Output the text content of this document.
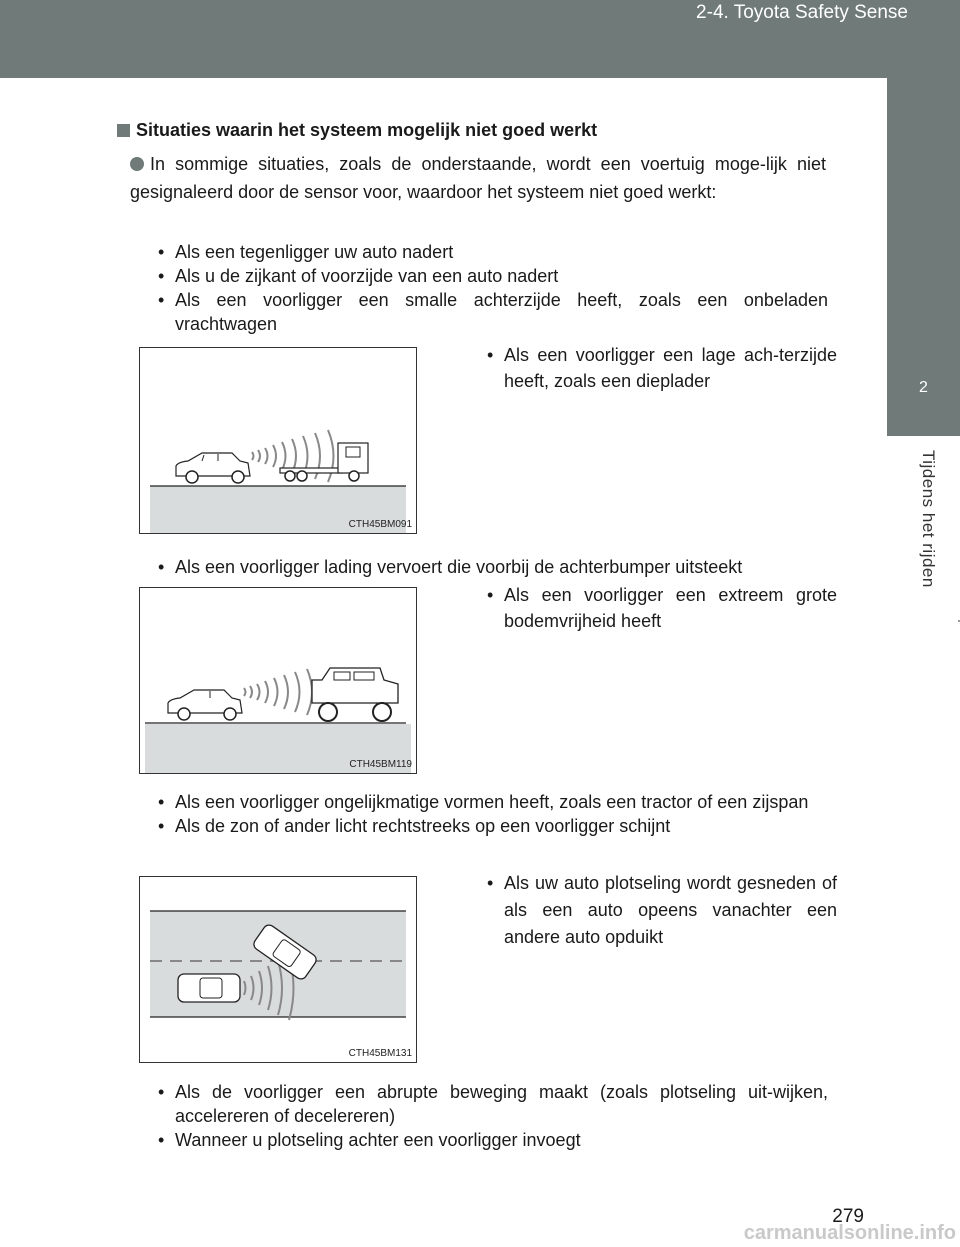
2-4. Toyota Safety Sense
2
Tijdens het rijden
Situaties waarin het systeem mogelijk niet goed werkt
In sommige situaties, zoals de onderstaande, wordt een voertuig moge-lijk niet gesignaleerd door de sensor voor, waardoor het systeem niet goed werkt:
• Als een tegenligger uw auto nadert
• Als u de zijkant of voorzijde van een auto nadert
• Als een voorligger een smalle achterzijde heeft, zoals een onbeladen vrachtwagen
CTH45BM091
• Als een voorligger een lage ach-terzijde heeft, zoals een dieplader
• Als een voorligger lading vervoert die voorbij de achterbumper uitsteekt
CTH45BM119
• Als een voorligger een extreem grote bodemvrijheid heeft
• Als een voorligger ongelijkmatige vormen heeft, zoals een tractor of een zijspan
• Als de zon of ander licht rechtstreeks op een voorligger schijnt
CTH45BM131
• Als uw auto plotseling wordt gesneden of als een auto opeens vanachter een andere auto opduikt
• Als de voorligger een abrupte beweging maakt (zoals plotseling uit-wijken, accelereren of decelereren)
• Wanneer u plotseling achter een voorligger invoegt
279
carmanualsonline.info
